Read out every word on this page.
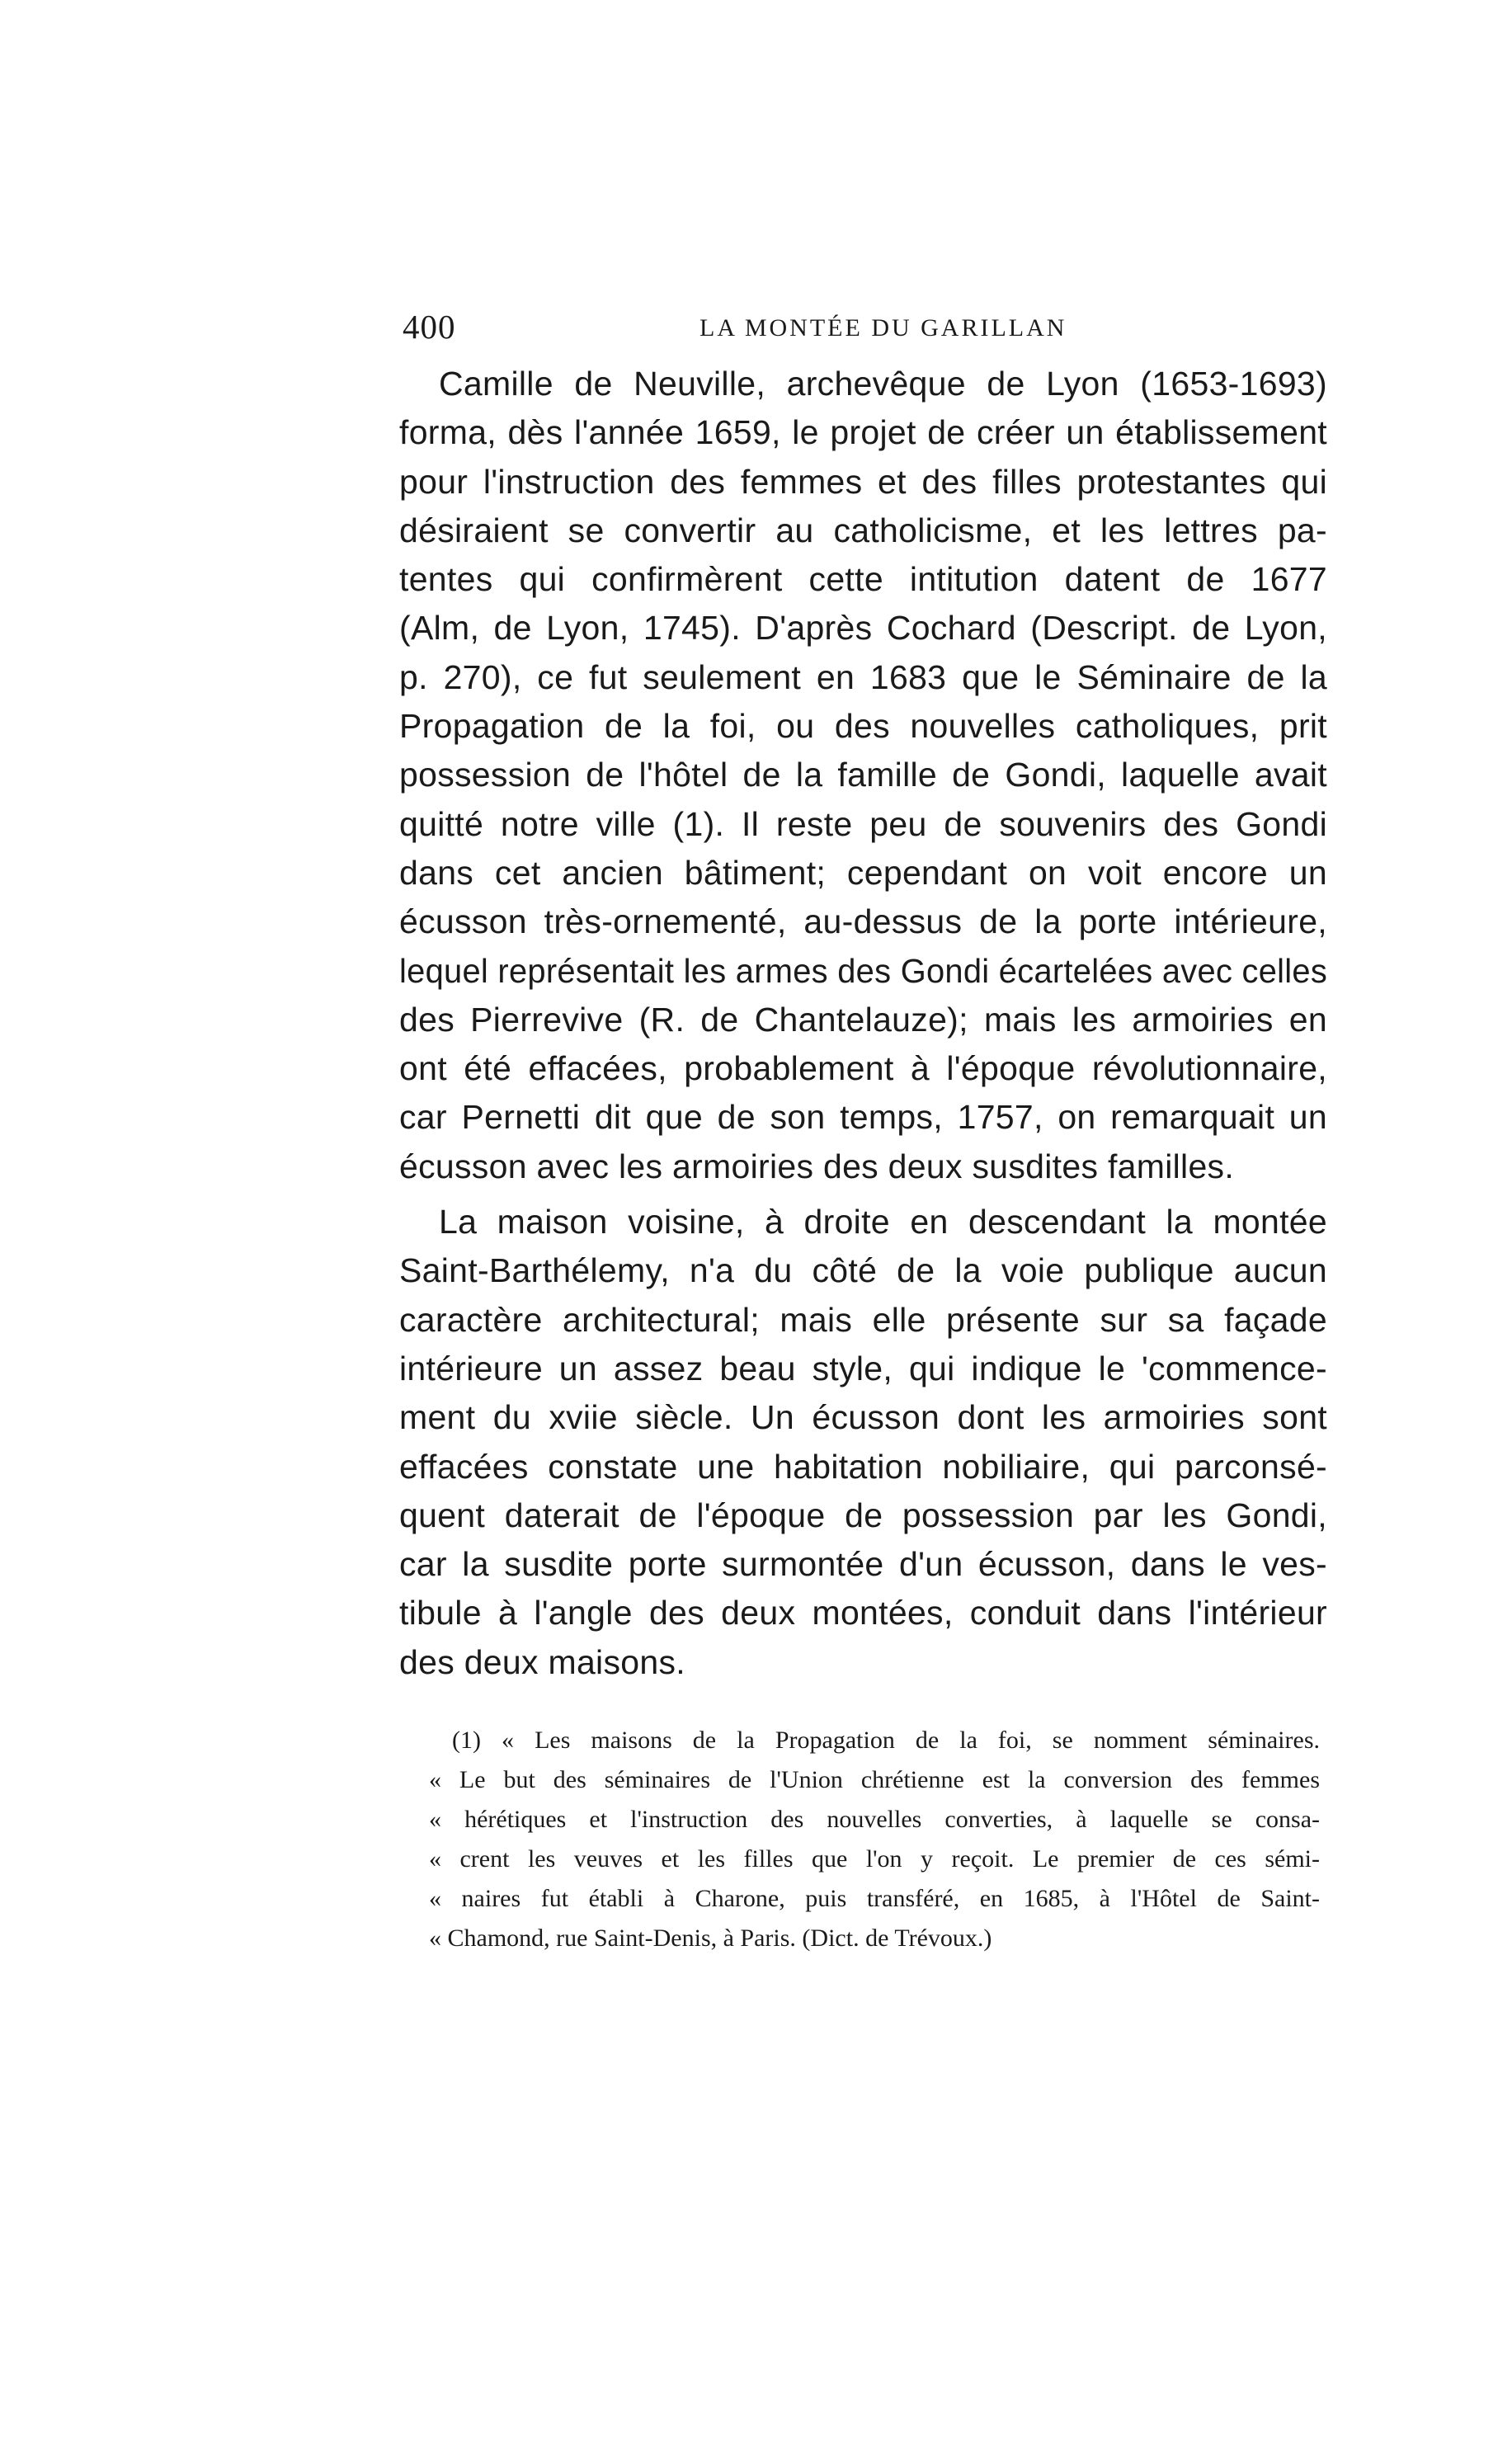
400	LA MONTÉE DU GARILLAN
Camille de Neuville, archevêque de Lyon (1653-1693)
forma, dès l'année 1659, le projet de créer un établissement
pour l'instruction des femmes et des filles protestantes qui
désiraient se convertir au catholicisme, et les lettres pa-
tentes qui confirmèrent cette intitution datent de 1677
(Alm, de Lyon, 1745). D'après Cochard (Descript. de Lyon,
p. 270), ce fut seulement en 1683 que le Séminaire de la
Propagation de la foi, ou des nouvelles catholiques, prit
possession de l'hôtel de la famille de Gondi, laquelle avait
quitté notre ville (1). Il reste peu de souvenirs des Gondi
dans cet ancien bâtiment; cependant on voit encore un
écusson très-ornementé, au-dessus de la porte intérieure,
lequel représentait les armes des Gondi écartelées avec celles
des Pierrevive (R. de Chantelauze); mais les armoiries en
ont été effacées, probablement à l'époque révolutionnaire,
car Pernetti dit que de son temps, 1757, on remarquait un
écusson avec les armoiries des deux susdites familles.
La maison voisine, à droite en descendant la montée
Saint-Barthélemy, n'a du côté de la voie publique aucun
caractère architectural; mais elle présente sur sa façade
intérieure un assez beau style, qui indique le 'commence-
ment du xviie siècle. Un écusson dont les armoiries sont
effacées constate une habitation nobiliaire, qui parconsé-
quent daterait de l'époque de possession par les Gondi,
car la susdite porte surmontée d'un écusson, dans le ves-
tibule à l'angle des deux montées, conduit dans l'intérieur
des deux maisons.
(1) « Les maisons de la Propagation de la foi, se nomment séminaires.
« Le but des séminaires de l'Union chrétienne est la conversion des femmes
« hérétiques et l'instruction des nouvelles converties, à laquelle se consa-
« crent les veuves et les filles que l'on y reçoit. Le premier de ces sémi-
« naires fut établi à Charone, puis transféré, en 1685, à l'Hôtel de Saint-
« Chamond, rue Saint-Denis, à Paris. (Dict. de Trévoux.)
